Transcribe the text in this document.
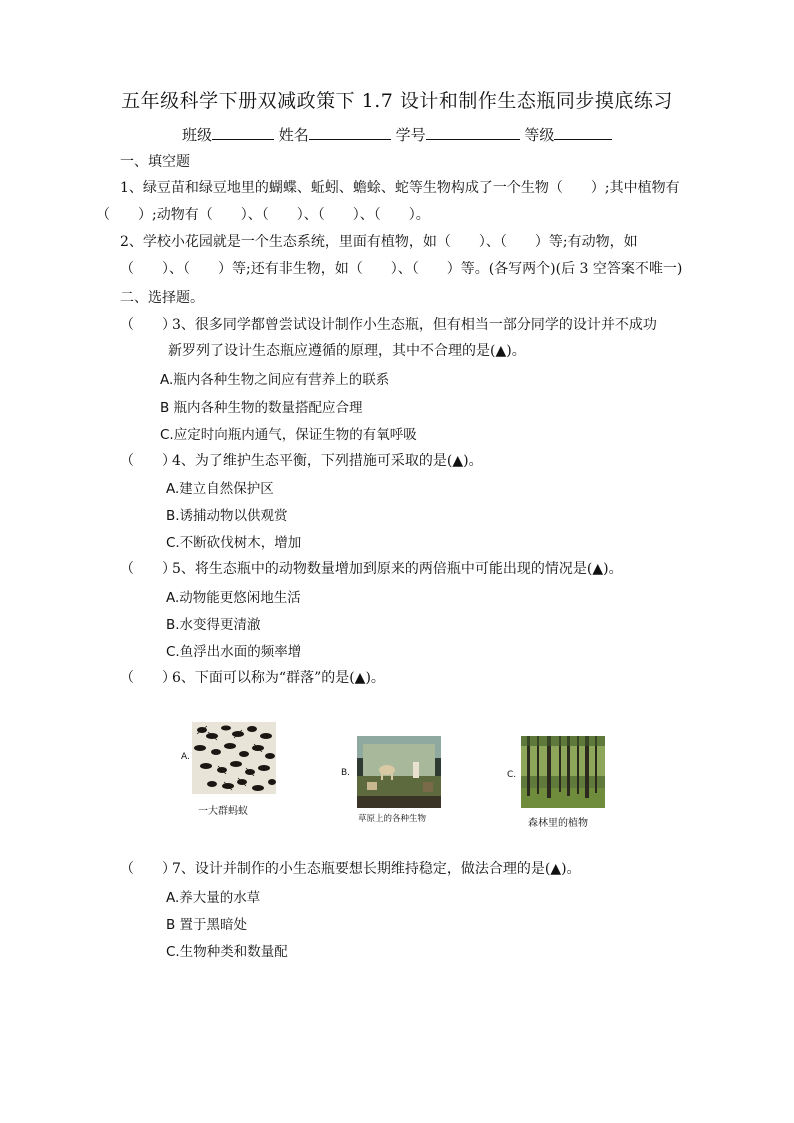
五年级科学下册双减政策下 1.7 设计和制作生态瓶同步摸底练习
班级	姓名	学号	等级
一、填空题
1、绿豆苗和绿豆地里的蝴蝶、蚯蚓、蟾蜍、蛇等生物构成了一个生物（　　）;其中植物有
（　　）;动物有（　　）、（　　）、（　　）、（　　）。
2、学校小花园就是一个生态系统，里面有植物，如（　　）、（　　）等;有动物，如
（　　）、（　　）等;还有非生物，如（　　）、（　　）等。(各写两个)(后 3 空答案不唯一)
二、选择题。
（　　）
3、很多同学都曾尝试设计制作小生态瓶，但有相当一部分同学的设计并不成功
新罗列了设计生态瓶应遵循的原理，其中不合理的是(▲)。
A.瓶内各种生物之间应有营养上的联系
B 瓶内各种生物的数量搭配应合理
C.应定时向瓶内通气，保证生物的有氧呼吸
（　　）
4、为了维护生态平衡，下列措施可采取的是(▲)。
A.建立自然保护区
B.诱捕动物以供观赏
C.不断砍伐树木，增加
（　　）
5、将生态瓶中的动物数量增加到原来的两倍瓶中可能出现的情况是(▲)。
A.动物能更悠闲地生活
B.水变得更清澈
C.鱼浮出水面的频率增
（　　）
6、下面可以称为“群落”的是(▲)。
A.
一大群蚂蚁
B.
草原上的各种生物
C.
森林里的植物
（　　）
7、设计并制作的小生态瓶要想长期维持稳定，做法合理的是(▲)。
A.养大量的水草
B 置于黑暗处
C.生物种类和数量配
